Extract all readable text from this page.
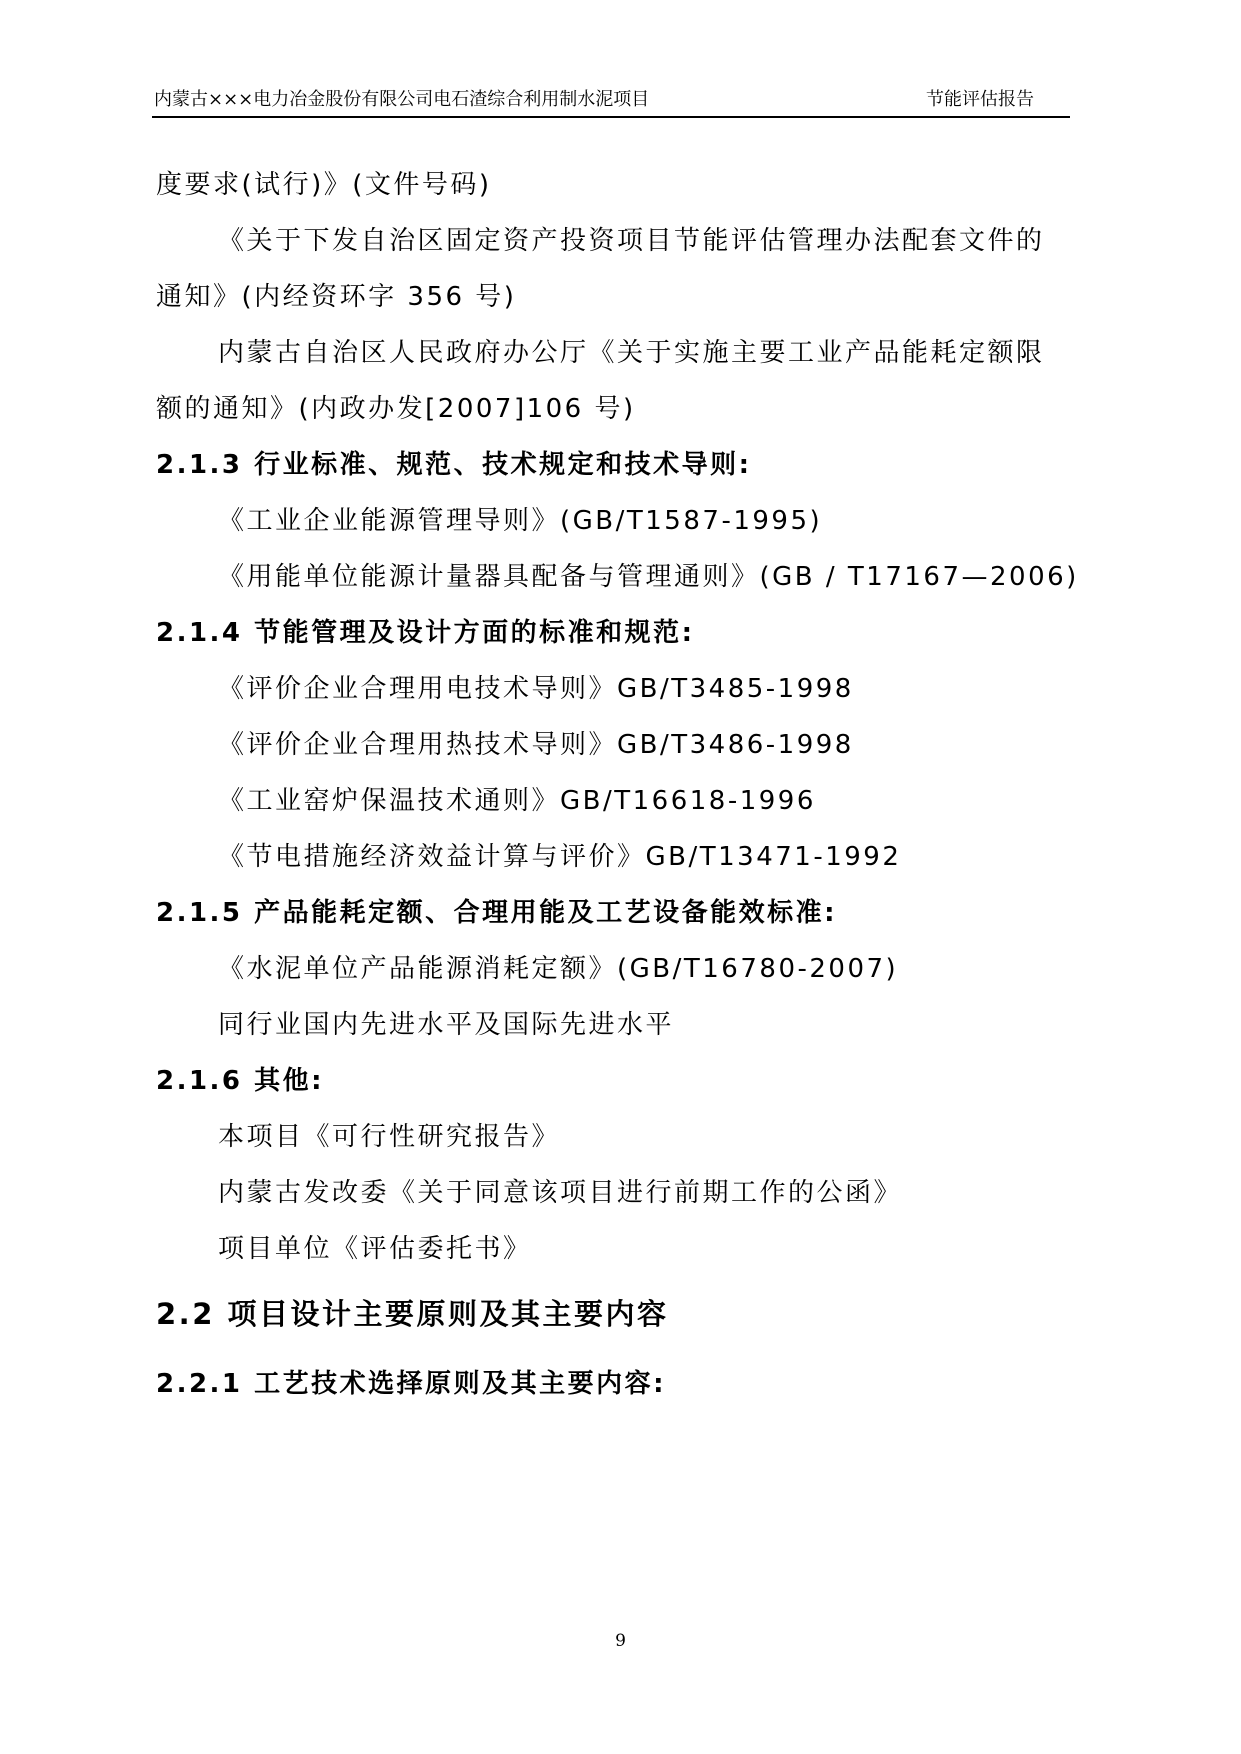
内蒙古×××电力冶金股份有限公司电石渣综合利用制水泥项目	节能评估报告
度要求(试行)》(文件号码)
《关于下发自治区固定资产投资项目节能评估管理办法配套文件的
通知》(内经资环字 356 号)
内蒙古自治区人民政府办公厅《关于实施主要工业产品能耗定额限
额的通知》(内政办发[2007]106 号)
2.1.3 行业标准、规范、技术规定和技术导则:
《工业企业能源管理导则》(GB/T1587-1995)
《用能单位能源计量器具配备与管理通则》(GB / T17167—2006)
2.1.4 节能管理及设计方面的标准和规范:
《评价企业合理用电技术导则》GB/T3485-1998
《评价企业合理用热技术导则》GB/T3486-1998
《工业窑炉保温技术通则》GB/T16618-1996
《节电措施经济效益计算与评价》GB/T13471-1992
2.1.5 产品能耗定额、合理用能及工艺设备能效标准:
《水泥单位产品能源消耗定额》(GB/T16780-2007)
同行业国内先进水平及国际先进水平
2.1.6 其他:
本项目《可行性研究报告》
内蒙古发改委《关于同意该项目进行前期工作的公函》
项目单位《评估委托书》
2.2 项目设计主要原则及其主要内容
2.2.1 工艺技术选择原则及其主要内容:
9
